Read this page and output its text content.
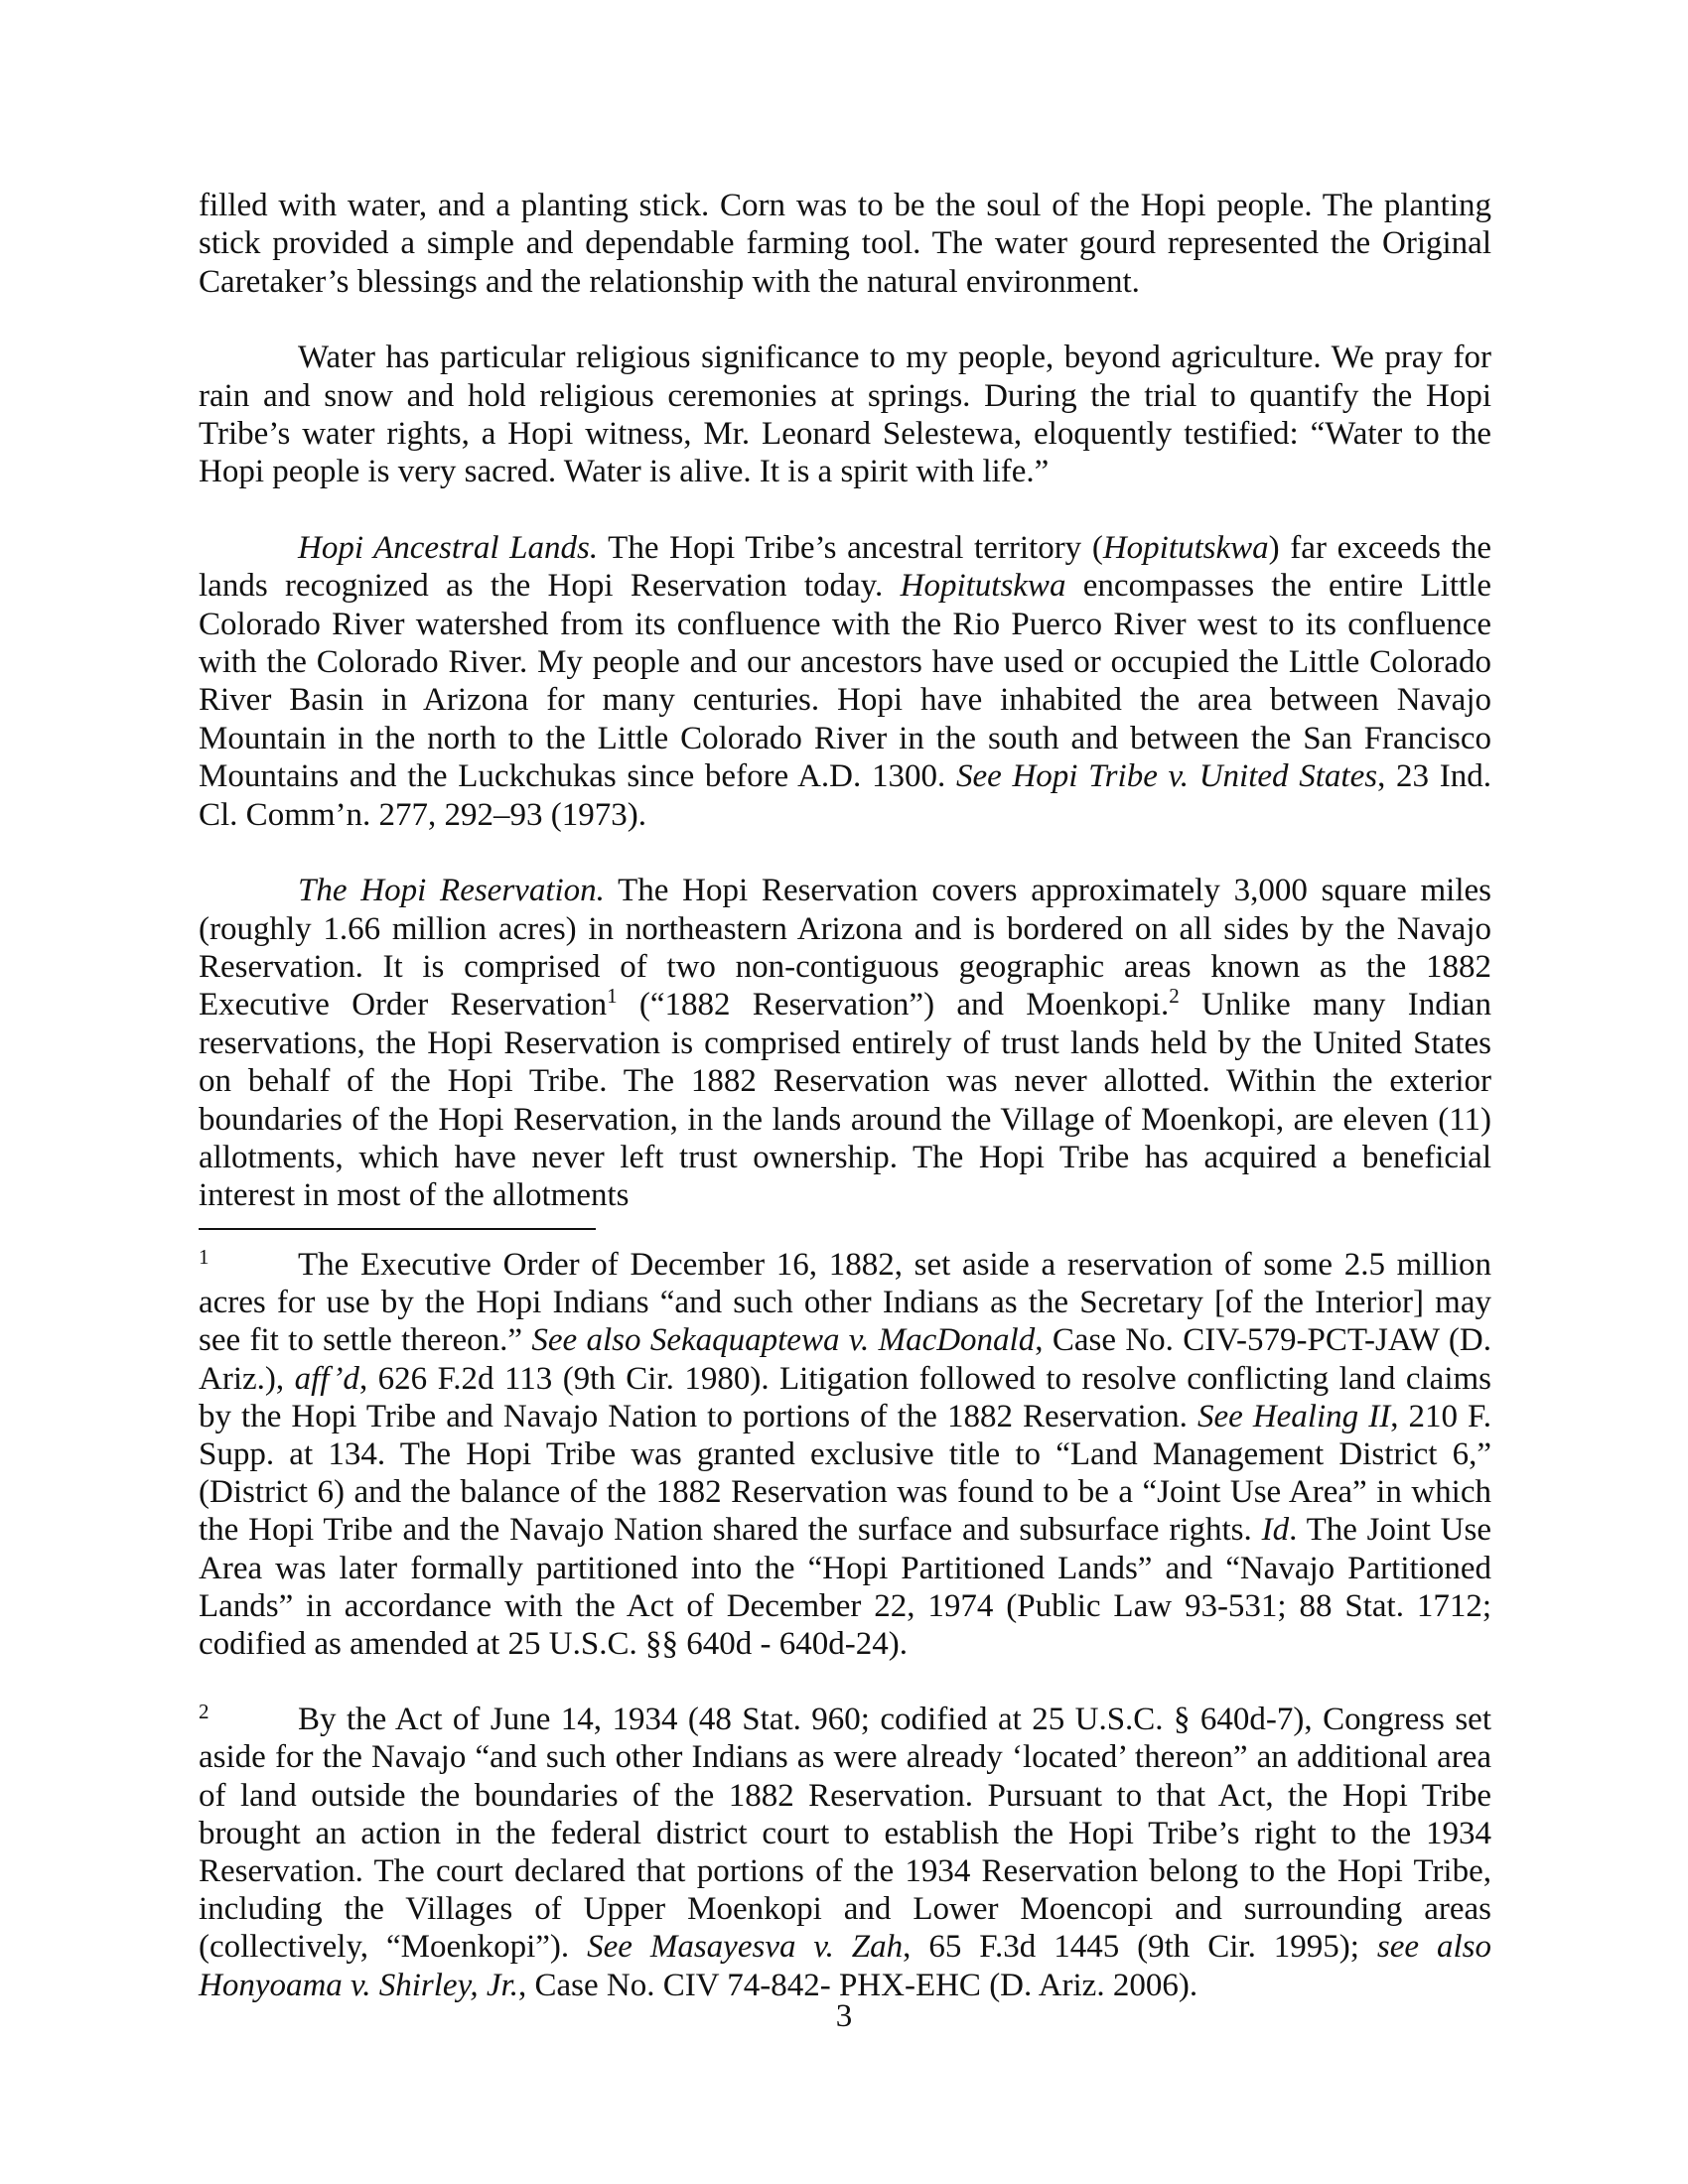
filled with water, and a planting stick. Corn was to be the soul of the Hopi people. The planting stick provided a simple and dependable farming tool. The water gourd represented the Original Caretaker’s blessings and the relationship with the natural environment.

Water has particular religious significance to my people, beyond agriculture. We pray for rain and snow and hold religious ceremonies at springs. During the trial to quantify the Hopi Tribe’s water rights, a Hopi witness, Mr. Leonard Selestewa, eloquently testified: “Water to the Hopi people is very sacred. Water is alive. It is a spirit with life.”

Hopi Ancestral Lands. The Hopi Tribe’s ancestral territory (Hopitutskwa) far exceeds the lands recognized as the Hopi Reservation today. Hopitutskwa encompasses the entire Little Colorado River watershed from its confluence with the Rio Puerco River west to its confluence with the Colorado River. My people and our ancestors have used or occupied the Little Colorado River Basin in Arizona for many centuries. Hopi have inhabited the area between Navajo Mountain in the north to the Little Colorado River in the south and between the San Francisco Mountains and the Luckchukas since before A.D. 1300. See Hopi Tribe v. United States, 23 Ind. Cl. Comm’n. 277, 292–93 (1973).

The Hopi Reservation. The Hopi Reservation covers approximately 3,000 square miles (roughly 1.66 million acres) in northeastern Arizona and is bordered on all sides by the Navajo Reservation. It is comprised of two non-contiguous geographic areas known as the 1882 Executive Order Reservation$^1$ (“1882 Reservation”) and Moenkopi.$^2$ Unlike many Indian reservations, the Hopi Reservation is comprised entirely of trust lands held by the United States on behalf of the Hopi Tribe. The 1882 Reservation was never allotted. Within the exterior boundaries of the Hopi Reservation, in the lands around the Village of Moenkopi, are eleven (11) allotments, which have never left trust ownership. The Hopi Tribe has acquired a beneficial interest in most of the allotments

1	The Executive Order of December 16, 1882, set aside a reservation of some 2.5 million acres for use by the Hopi Indians “and such other Indians as the Secretary [of the Interior] may see fit to settle thereon.” See also Sekaquaptewa v. MacDonald, Case No. CIV-579-PCT-JAW (D. Ariz.), aff’d, 626 F.2d 113 (9th Cir. 1980). Litigation followed to resolve conflicting land claims by the Hopi Tribe and Navajo Nation to portions of the 1882 Reservation. See Healing II, 210 F. Supp. at 134. The Hopi Tribe was granted exclusive title to “Land Management District 6,” (District 6) and the balance of the 1882 Reservation was found to be a “Joint Use Area” in which the Hopi Tribe and the Navajo Nation shared the surface and subsurface rights. Id. The Joint Use Area was later formally partitioned into the “Hopi Partitioned Lands” and “Navajo Partitioned Lands” in accordance with the Act of December 22, 1974 (Public Law 93-531; 88 Stat. 1712; codified as amended at 25 U.S.C. §§ 640d - 640d-24).

2	By the Act of June 14, 1934 (48 Stat. 960; codified at 25 U.S.C. § 640d-7), Congress set aside for the Navajo “and such other Indians as were already ‘located’ thereon” an additional area of land outside the boundaries of the 1882 Reservation. Pursuant to that Act, the Hopi Tribe brought an action in the federal district court to establish the Hopi Tribe’s right to the 1934 Reservation. The court declared that portions of the 1934 Reservation belong to the Hopi Tribe, including the Villages of Upper Moenkopi and Lower Moencopi and surrounding areas (collectively, “Moenkopi”). See Masayesva v. Zah, 65 F.3d 1445 (9th Cir. 1995); see also Honyoama v. Shirley, Jr., Case No. CIV 74-842- PHX-EHC (D. Ariz. 2006).

3
